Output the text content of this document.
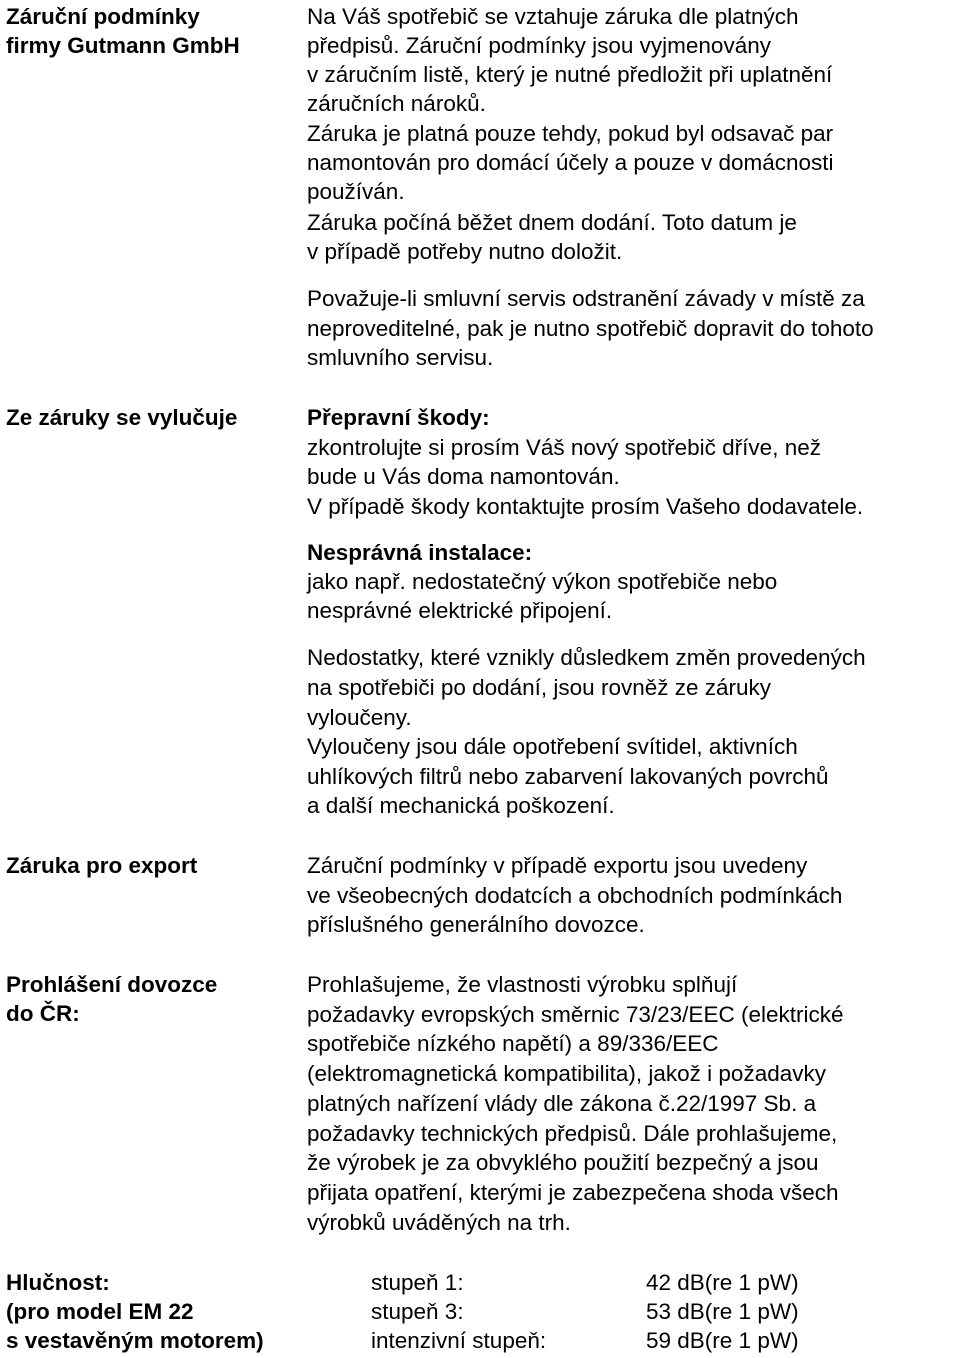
Záruční podmínky
firmy Gutmann GmbH
Na Váš spotřebič se vztahuje záruka dle platných
předpisů. Záruční podmínky jsou vyjmenovány
v záručním listě, který je nutné předložit při uplatnění
záručních nároků.
Záruka je platná pouze tehdy, pokud byl odsavač par
namontován pro domácí účely a pouze v domácnosti
používán.
Záruka počíná běžet dnem dodání. Toto datum je
v případě potřeby nutno doložit.
Považuje-li smluvní servis odstranění závady v místě za
neproveditelné, pak je nutno spotřebič dopravit do tohoto
smluvního servisu.
Ze záruky se vylučuje	Přepravní škody:
zkontrolujte si prosím Váš nový spotřebič dříve, než
bude u Vás doma namontován.
V případě škody kontaktujte prosím Vašeho dodavatele.
Nesprávná instalace:
jako např. nedostatečný výkon spotřebiče nebo
nesprávné elektrické připojení.
Nedostatky, které vznikly důsledkem změn provedených
na spotřebiči po dodání, jsou rovněž ze záruky
vyloučeny.
Vyloučeny jsou dále opotřebení svítidel, aktivních
uhlíkových filtrů nebo zabarvení lakovaných povrchů
a další mechanická poškození.
Záruka pro export	Záruční podmínky v případě exportu jsou uvedeny
ve všeobecných dodatcích a obchodních podmínkách
příslušného generálního dovozce.
Prohlášení dovozce
do ČR:
Prohlašujeme, že vlastnosti výrobku splňují
požadavky evropských směrnic 73/23/EEC (elektrické
spotřebiče nízkého napětí) a 89/336/EEC
(elektromagnetická kompatibilita), jakož i požadavky
platných nařízení vlády dle zákona č.22/1997 Sb. a
požadavky technických předpisů. Dále prohlašujeme,
že výrobek je za obvyklého použití bezpečný a jsou
přijata opatření, kterými je zabezpečena shoda všech
výrobků uváděných na trh.
Hlučnost:
(pro model EM 22
s vestavěným motorem)
stupeň 1:
stupeň 3:
intenzivní stupeň:
42 dB(re 1 pW)
53 dB(re 1 pW)
59 dB(re 1 pW)
